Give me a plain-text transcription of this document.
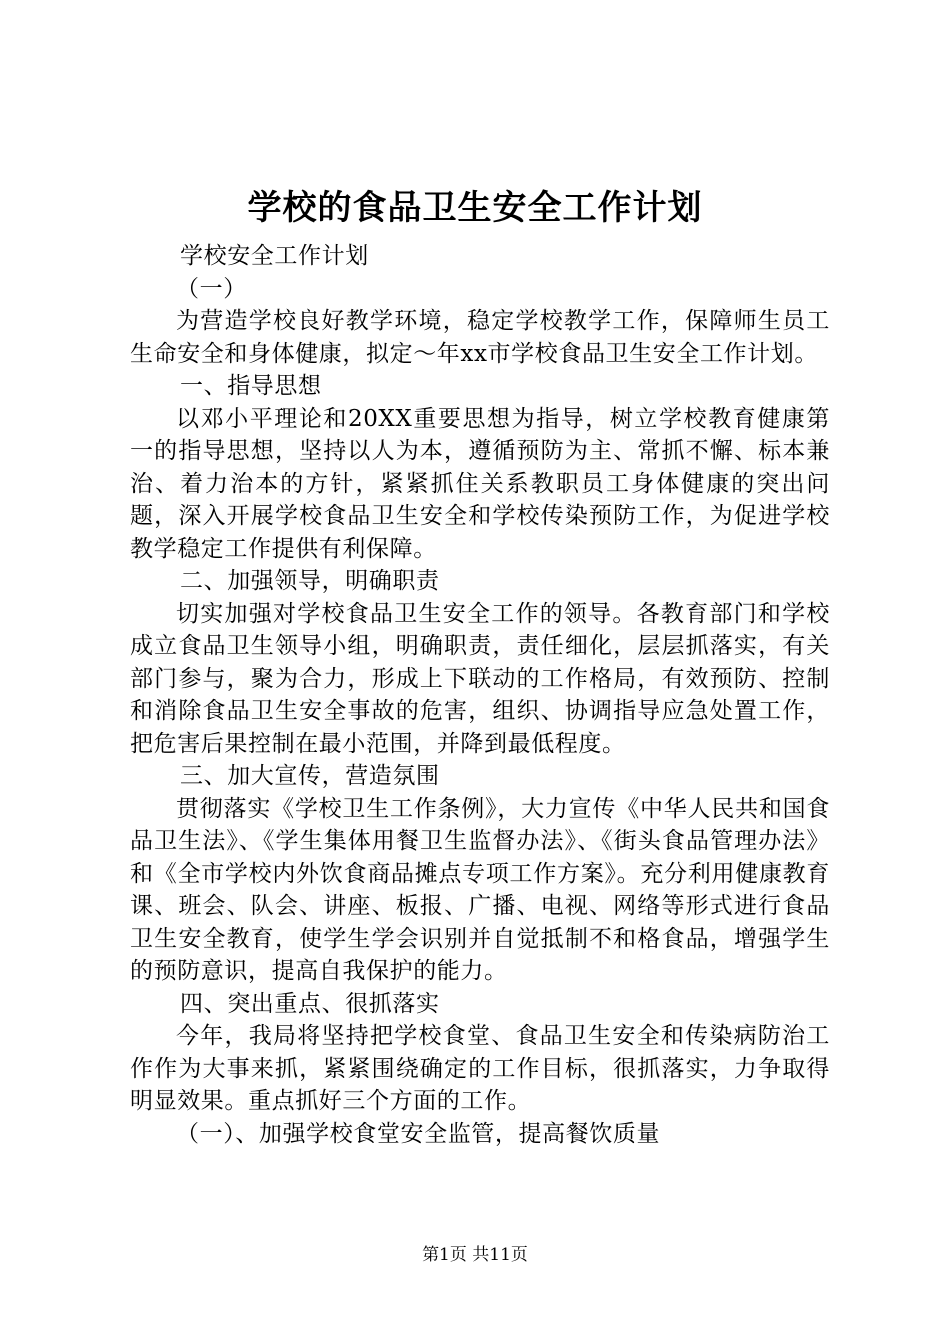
学校的食品卫生安全工作计划

学校安全工作计划

（一）

为营造学校良好教学环境，稳定学校教学工作，保障师生员工生命安全和身体健康，拟定～年xx市学校食品卫生安全工作计划。

一、指导思想

以邓小平理论和20XX重要思想为指导，树立学校教育健康第一的指导思想，坚持以人为本，遵循预防为主、常抓不懈、标本兼治、着力治本的方针，紧紧抓住关系教职员工身体健康的突出问题，深入开展学校食品卫生安全和学校传染预防工作，为促进学校教学稳定工作提供有利保障。

二、加强领导，明确职责

切实加强对学校食品卫生安全工作的领导。各教育部门和学校成立食品卫生领导小组，明确职责，责任细化，层层抓落实，有关部门参与，聚为合力，形成上下联动的工作格局，有效预防、控制和消除食品卫生安全事故的危害，组织、协调指导应急处置工作，把危害后果控制在最小范围，并降到最低程度。

三、加大宣传，营造氛围

贯彻落实《学校卫生工作条例》，大力宣传《中华人民共和国食品卫生法》、《学生集体用餐卫生监督办法》、《街头食品管理办法》和《全市学校内外饮食商品摊点专项工作方案》。充分利用健康教育课、班会、队会、讲座、板报、广播、电视、网络等形式进行食品卫生安全教育，使学生学会识别并自觉抵制不和格食品，增强学生的预防意识，提高自我保护的能力。

四、突出重点、很抓落实

今年，我局将坚持把学校食堂、食品卫生安全和传染病防治工作作为大事来抓，紧紧围绕确定的工作目标，很抓落实，力争取得明显效果。重点抓好三个方面的工作。

（一）、加强学校食堂安全监管，提高餐饮质量

第1页 共11页
